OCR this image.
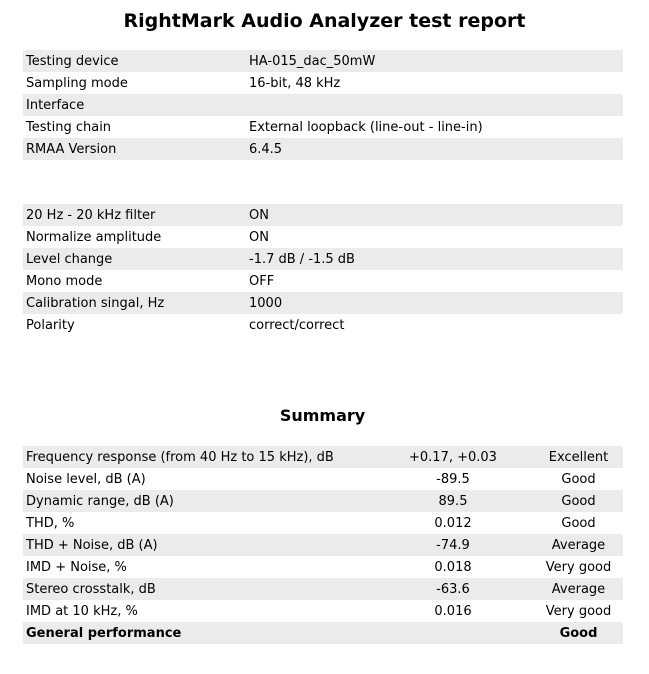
RightMark Audio Analyzer test report
Testing device	HA-015_dac_50mW
Sampling mode	16-bit, 48 kHz
Interface	
Testing chain	External loopback (line-out - line-in)
RMAA Version	6.4.5
20 Hz - 20 kHz filter	ON
Normalize amplitude	ON
Level change	-1.7 dB / -1.5 dB
Mono mode	OFF
Calibration singal, Hz	1000
Polarity	correct/correct
Summary
Frequency response (from 40 Hz to 15 kHz), dB	+0.17, +0.03	Excellent
Noise level, dB (A)	-89.5	Good
Dynamic range, dB (A)	89.5	Good
THD, %	0.012	Good
THD + Noise, dB (A)	-74.9	Average
IMD + Noise, %	0.018	Very good
Stereo crosstalk, dB	-63.6	Average
IMD at 10 kHz, %	0.016	Very good
General performance		Good
